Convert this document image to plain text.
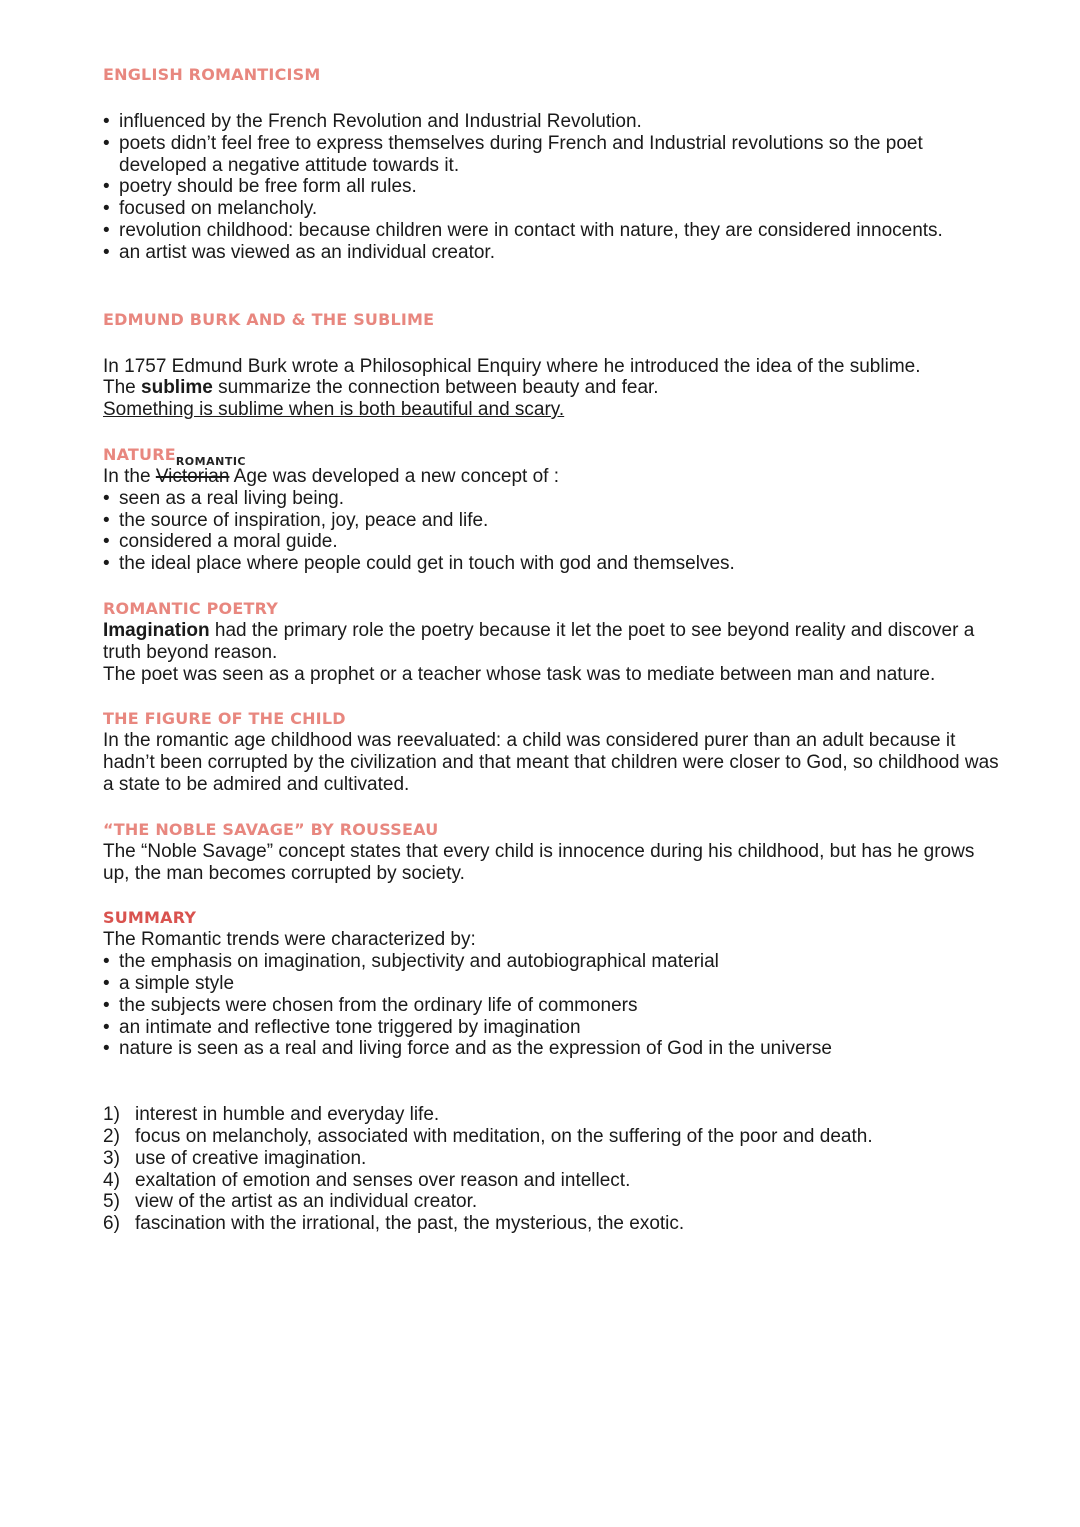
ENGLISH ROMANTICISM
• influenced by the French Revolution and Industrial Revolution.
• poets didn’t feel free to express themselves during French and Industrial revolutions so the poet developed a negative attitude towards it.
• poetry should be free form all rules.
• focused on melancholy.
• revolution childhood: because children were in contact with nature, they are considered innocents.
• an artist was viewed as an individual creator.
EDMUND BURK AND & THE SUBLIME

In 1757 Edmund Burk wrote a Philosophical Enquiry where he introduced the idea of the sublime.

The sublime summarize the connection between beauty and fear.

Something is sublime when is both beautiful and scary.

NATURE

In the
ROMANTIC
Victorian Age was developed a new concept of :

• seen as a real living being.
• the source of inspiration, joy, peace and life.
• considered a moral guide.
• the ideal place where people could get in touch with god and themselves.
ROMANTIC POETRY

Imagination had the primary role the poetry because it let the poet to see beyond reality and discover a truth beyond reason.

The poet was seen as a prophet or a teacher whose task was to mediate between man and nature.

THE FIGURE OF THE CHILD

In the romantic age childhood was reevaluated: a child was considered purer than an adult because it hadn’t been corrupted by the civilization and that meant that children were closer to God, so childhood was a state to be admired and cultivated.

“THE NOBLE SAVAGE” BY ROUSSEAU

The “Noble Savage” concept states that every child is innocence during his childhood, but has he grows up, the man becomes corrupted by society.

SUMMARY

The Romantic trends were characterized by:

• the emphasis on imagination, subjectivity and autobiographical material
• a simple style
• the subjects were chosen from the ordinary life of commoners
• an intimate and reflective tone triggered by imagination
• nature is seen as a real and living force and as the expression of God in the universe
1) interest in humble and everyday life.
2) focus on melancholy, associated with meditation, on the suffering of the poor and death.
3) use of creative imagination.
4) exaltation of emotion and senses over reason and intellect.
5) view of the artist as an individual creator.
6) fascination with the irrational, the past, the mysterious, the exotic.
